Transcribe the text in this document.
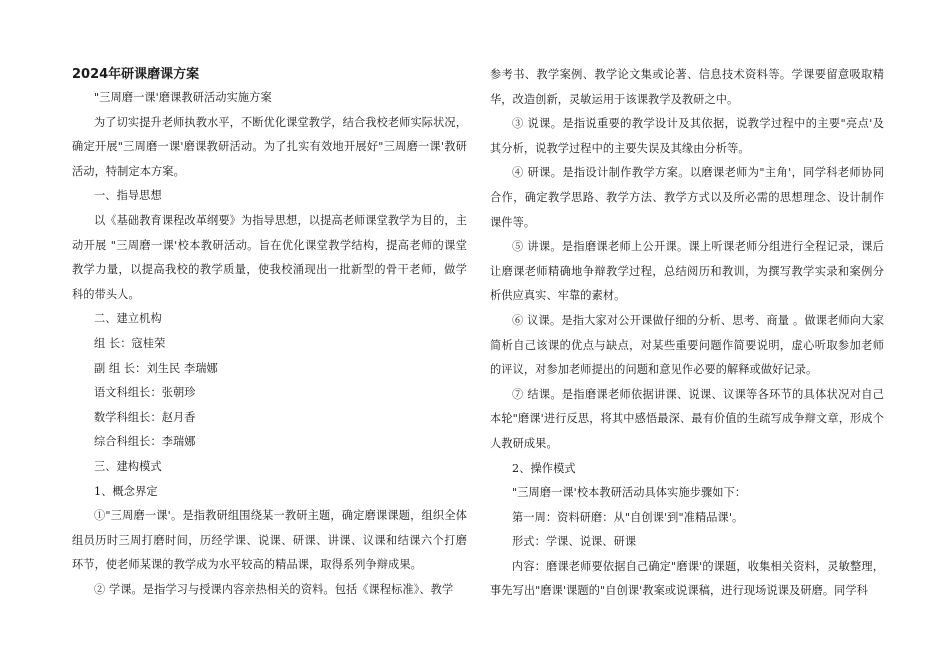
2024年研课磨课方案

"三周磨一课'磨课教研活动实施方案

为了切实提升老师执教水平，不断优化课堂教学，结合我校老师实际状况，确定开展"三周磨一课'磨课教研活动。为了扎实有效地开展好"三周磨一课'教研活动，特制定本方案。

一、指导思想

以《基础教育课程改革纲要》为指导思想，以提高老师课堂教学为目的，主动开展 "三周磨一课'校本教研活动。旨在优化课堂教学结构，提高老师的课堂教学力量，以提高我校的教学质量，使我校涌现出一批新型的骨干老师，做学科的带头人。

二、建立机构

组 长：寇桂荣

副 组 长：刘生民 李瑞娜

语文科组长：张朝珍

数学科组长：赵月香

综合科组长：李瑞娜

三、建构模式

1、概念界定

①"三周磨一课'。是指教研组围绕某一教研主题，确定磨课课题，组织全体组员历时三周打磨时间，历经学课、说课、研课、讲课、议课和结课六个打磨环节，使老师某课的教学成为水平较高的精品课，取得系列争辩成果。

② 学课。是指学习与授课内容亲热相关的资料。包括《课程标准》、教学

参考书、教学案例、教学论文集或论著、信息技术资料等。学课要留意吸取精华，改造创新，灵敏运用于该课教学及教研之中。

③ 说课。是指说重要的教学设计及其依据，说教学过程中的主要"亮点'及其分析，说教学过程中的主要失误及其缘由分析等。

④ 研课。是指设计制作教学方案。以磨课老师为"主角'，同学科老师协同合作，确定教学思路、教学方法、教学方式以及所必需的思想理念、设计制作课件等。

⑤ 讲课。是指磨课老师上公开课。课上听课老师分组进行全程记录，课后让磨课老师精确地争辩教学过程，总结阅历和教训，为撰写教学实录和案例分析供应真实、牢靠的素材。

⑥ 议课。是指大家对公开课做仔细的分析、思考、商量 。做课老师向大家简析自己该课的优点与缺点，对某些重要问题作简要说明，虚心听取参加老师的评议，对参加老师提出的问题和意见作必要的解释或做好记录。

⑦ 结课。是指磨课老师依据讲课、说课、议课等各环节的具体状况对自己本轮"磨课'进行反思，将其中感悟最深、最有价值的生疏写成争辩文章，形成个人教研成果。

2、操作模式

"三周磨一课'校本教研活动具体实施步骤如下：

第一周：资料研磨：从"自创课'到"准精品课'。

形式：学课、说课、研课

内容：磨课老师要依据自己确定"磨课'的课题，收集相关资料，灵敏整理，事先写出"磨课'课题的"自创课'教案或说课稿，进行现场说课及研磨。同学科
